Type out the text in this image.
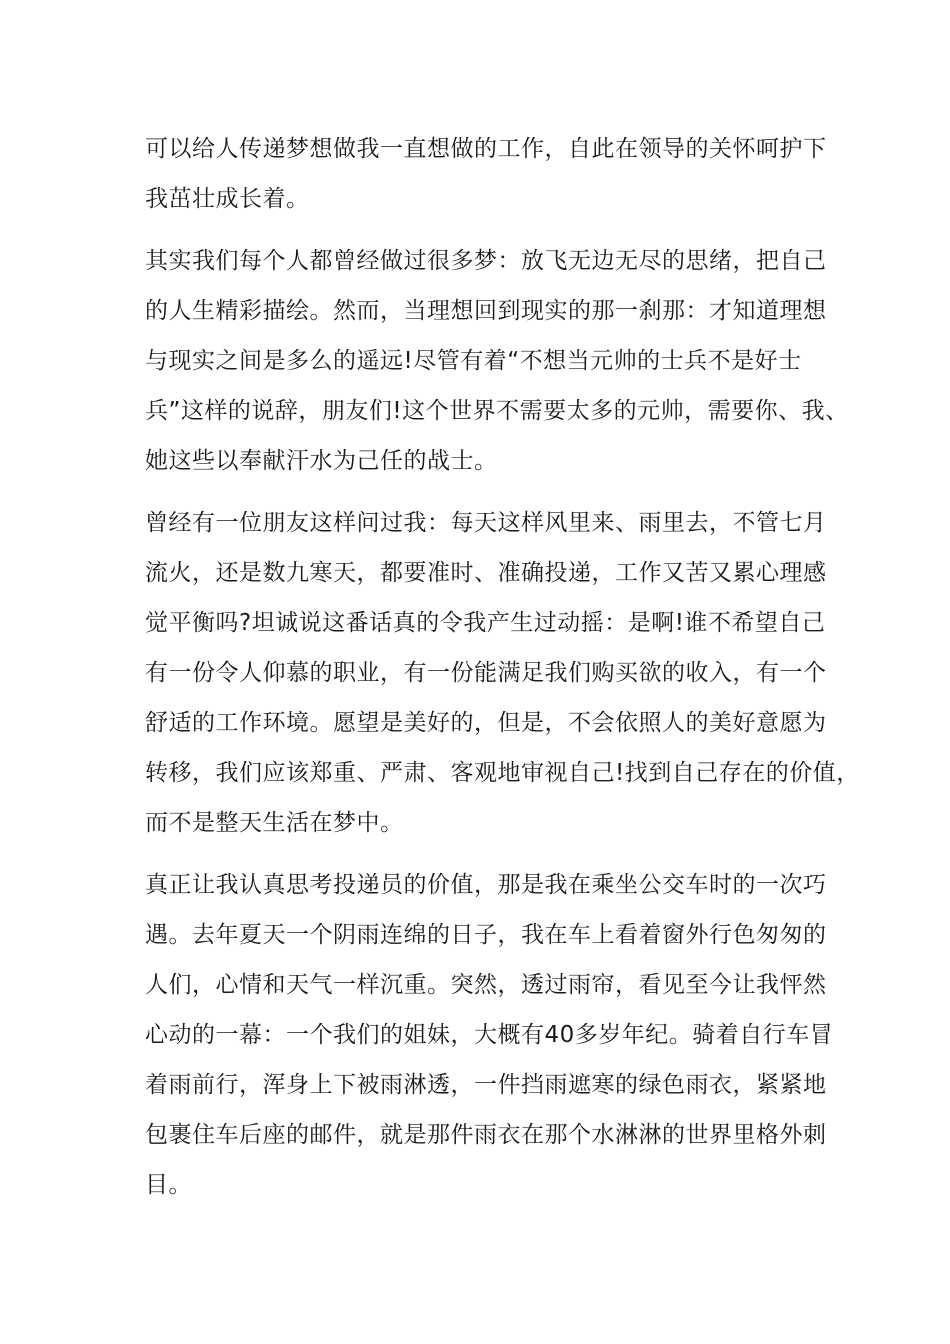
可以给人传递梦想做我一直想做的工作，自此在领导的关怀呵护下

我茁壮成长着。

其实我们每个人都曾经做过很多梦：放飞无边无尽的思绪，把自己

的人生精彩描绘。然而，当理想回到现实的那一刹那：才知道理想

与现实之间是多么的遥远!尽管有着“不想当元帅的士兵不是好士

兵”这样的说辞，朋友们!这个世界不需要太多的元帅，需要你、我、

她这些以奉献汗水为己任的战士。

曾经有一位朋友这样问过我：每天这样风里来、雨里去，不管七月

流火，还是数九寒天，都要准时、准确投递，工作又苦又累心理感

觉平衡吗?坦诚说这番话真的令我产生过动摇：是啊!谁不希望自己

有一份令人仰慕的职业，有一份能满足我们购买欲的收入，有一个

舒适的工作环境。愿望是美好的，但是，不会依照人的美好意愿为

转移，我们应该郑重、严肃、客观地审视自己!找到自己存在的价值，

而不是整天生活在梦中。

真正让我认真思考投递员的价值，那是我在乘坐公交车时的一次巧

遇。去年夏天一个阴雨连绵的日子，我在车上看着窗外行色匆匆的

人们，心情和天气一样沉重。突然，透过雨帘，看见至今让我怦然

心动的一幕：一个我们的姐妹，大概有40多岁年纪。骑着自行车冒

着雨前行，浑身上下被雨淋透，一件挡雨遮寒的绿色雨衣，紧紧地

包裹住车后座的邮件，就是那件雨衣在那个水淋淋的世界里格外刺

目。
